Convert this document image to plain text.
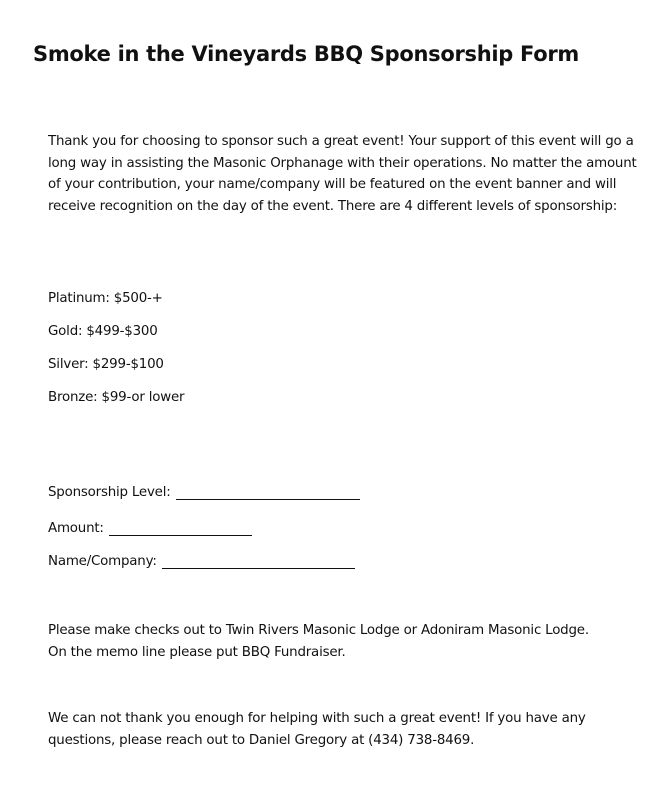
Smoke in the Vineyards BBQ Sponsorship Form
Thank you for choosing to sponsor such a great event! Your support of this event will go a long way in assisting the Masonic Orphanage with their operations. No matter the amount of your contribution, your name/company will be featured on the event banner and will receive recognition on the day of the event. There are 4 different levels of sponsorship:
Platinum: $500-+
Gold: $499-$300
Silver: $299-$100
Bronze: $99-or lower
Sponsorship Level:
Amount:
Name/Company:
Please make checks out to Twin Rivers Masonic Lodge or Adoniram Masonic Lodge. On the memo line please put BBQ Fundraiser.
We can not thank you enough for helping with such a great event! If you have any questions, please reach out to Daniel Gregory at (434) 738-8469.
